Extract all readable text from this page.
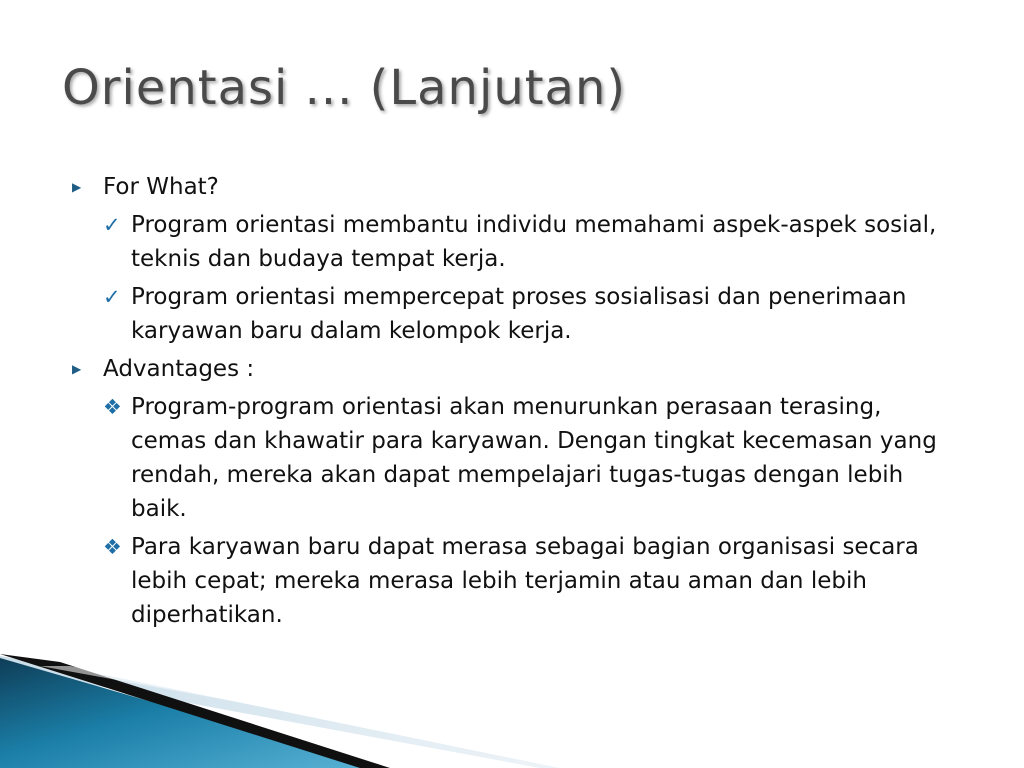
Orientasi ... (Lanjutan)
▶ For What?
✓ Program orientasi membantu individu memahami aspek-aspek sosial, teknis dan budaya tempat kerja.
✓ Program orientasi mempercepat proses sosialisasi dan penerimaan karyawan baru dalam kelompok kerja.
▶ Advantages :
❖ Program-program orientasi akan menurunkan perasaan terasing, cemas dan khawatir para karyawan. Dengan tingkat kecemasan yang rendah, mereka akan dapat mempelajari tugas-tugas dengan lebih baik.
❖ Para karyawan baru dapat merasa sebagai bagian organisasi secara lebih cepat; mereka merasa lebih terjamin atau aman dan lebih diperhatikan.
